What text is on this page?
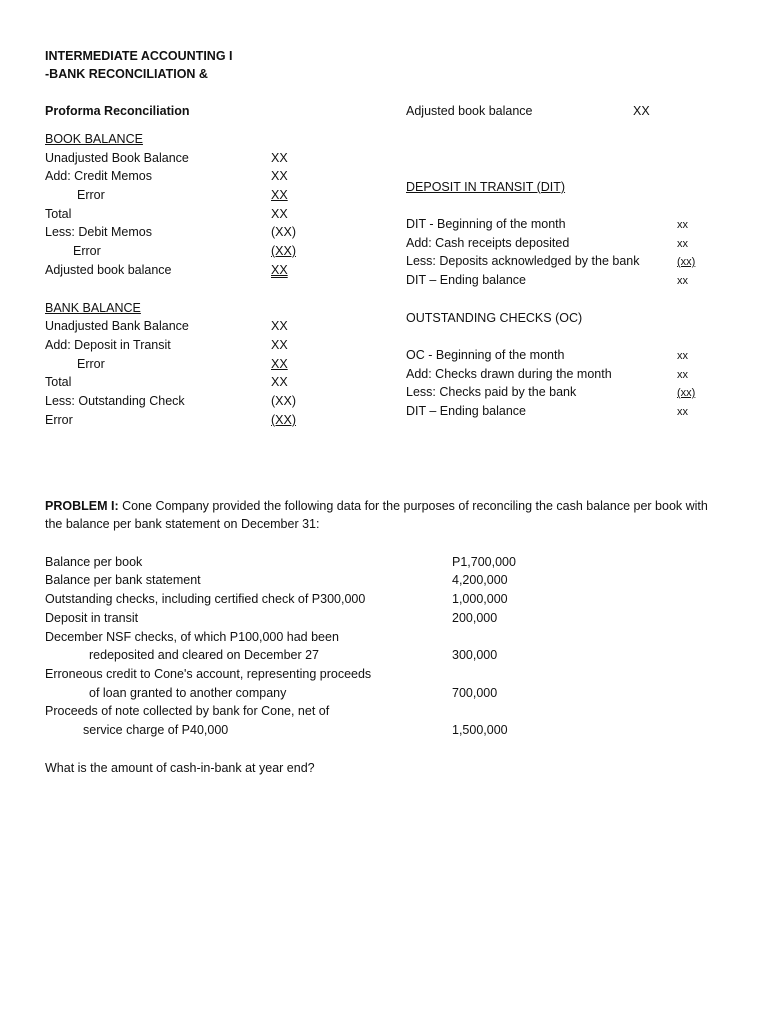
INTERMEDIATE ACCOUNTING I
-BANK RECONCILIATION &
Proforma Reconciliation
BOOK BALANCE
Unadjusted Book Balance	XX
Add: Credit Memos	XX
Error	XX
Total	XX
Less: Debit Memos	(XX)
Error	(XX)
Adjusted book balance	XX
BANK BALANCE
Unadjusted Bank Balance	XX
Add: Deposit in Transit	XX
Error	XX
Total	XX
Less: Outstanding Check	(XX)
Error	(XX)
Adjusted book balance	XX
DEPOSIT IN TRANSIT (DIT)
DIT - Beginning of the month	xx
Add: Cash receipts deposited	xx
Less: Deposits acknowledged by the bank	(xx)
DIT – Ending balance	xx
OUTSTANDING CHECKS (OC)
OC - Beginning of the month	xx
Add: Checks drawn during the month	xx
Less: Checks paid by the bank	(xx)
DIT – Ending balance	xx
PROBLEM I: Cone Company provided the following data for the purposes of reconciling the cash balance per book with
the balance per bank statement on December 31:
Balance per book	P1,700,000
Balance per bank statement	4,200,000
Outstanding checks, including certified check of P300,000	1,000,000
Deposit in transit	200,000
December NSF checks, of which P100,000 had been
redeposited and cleared on December 27	300,000
Erroneous credit to Cone's account, representing proceeds
of loan granted to another company	700,000
Proceeds of note collected by bank for Cone, net of
service charge of P40,000	1,500,000
What is the amount of cash-in-bank at year end?
